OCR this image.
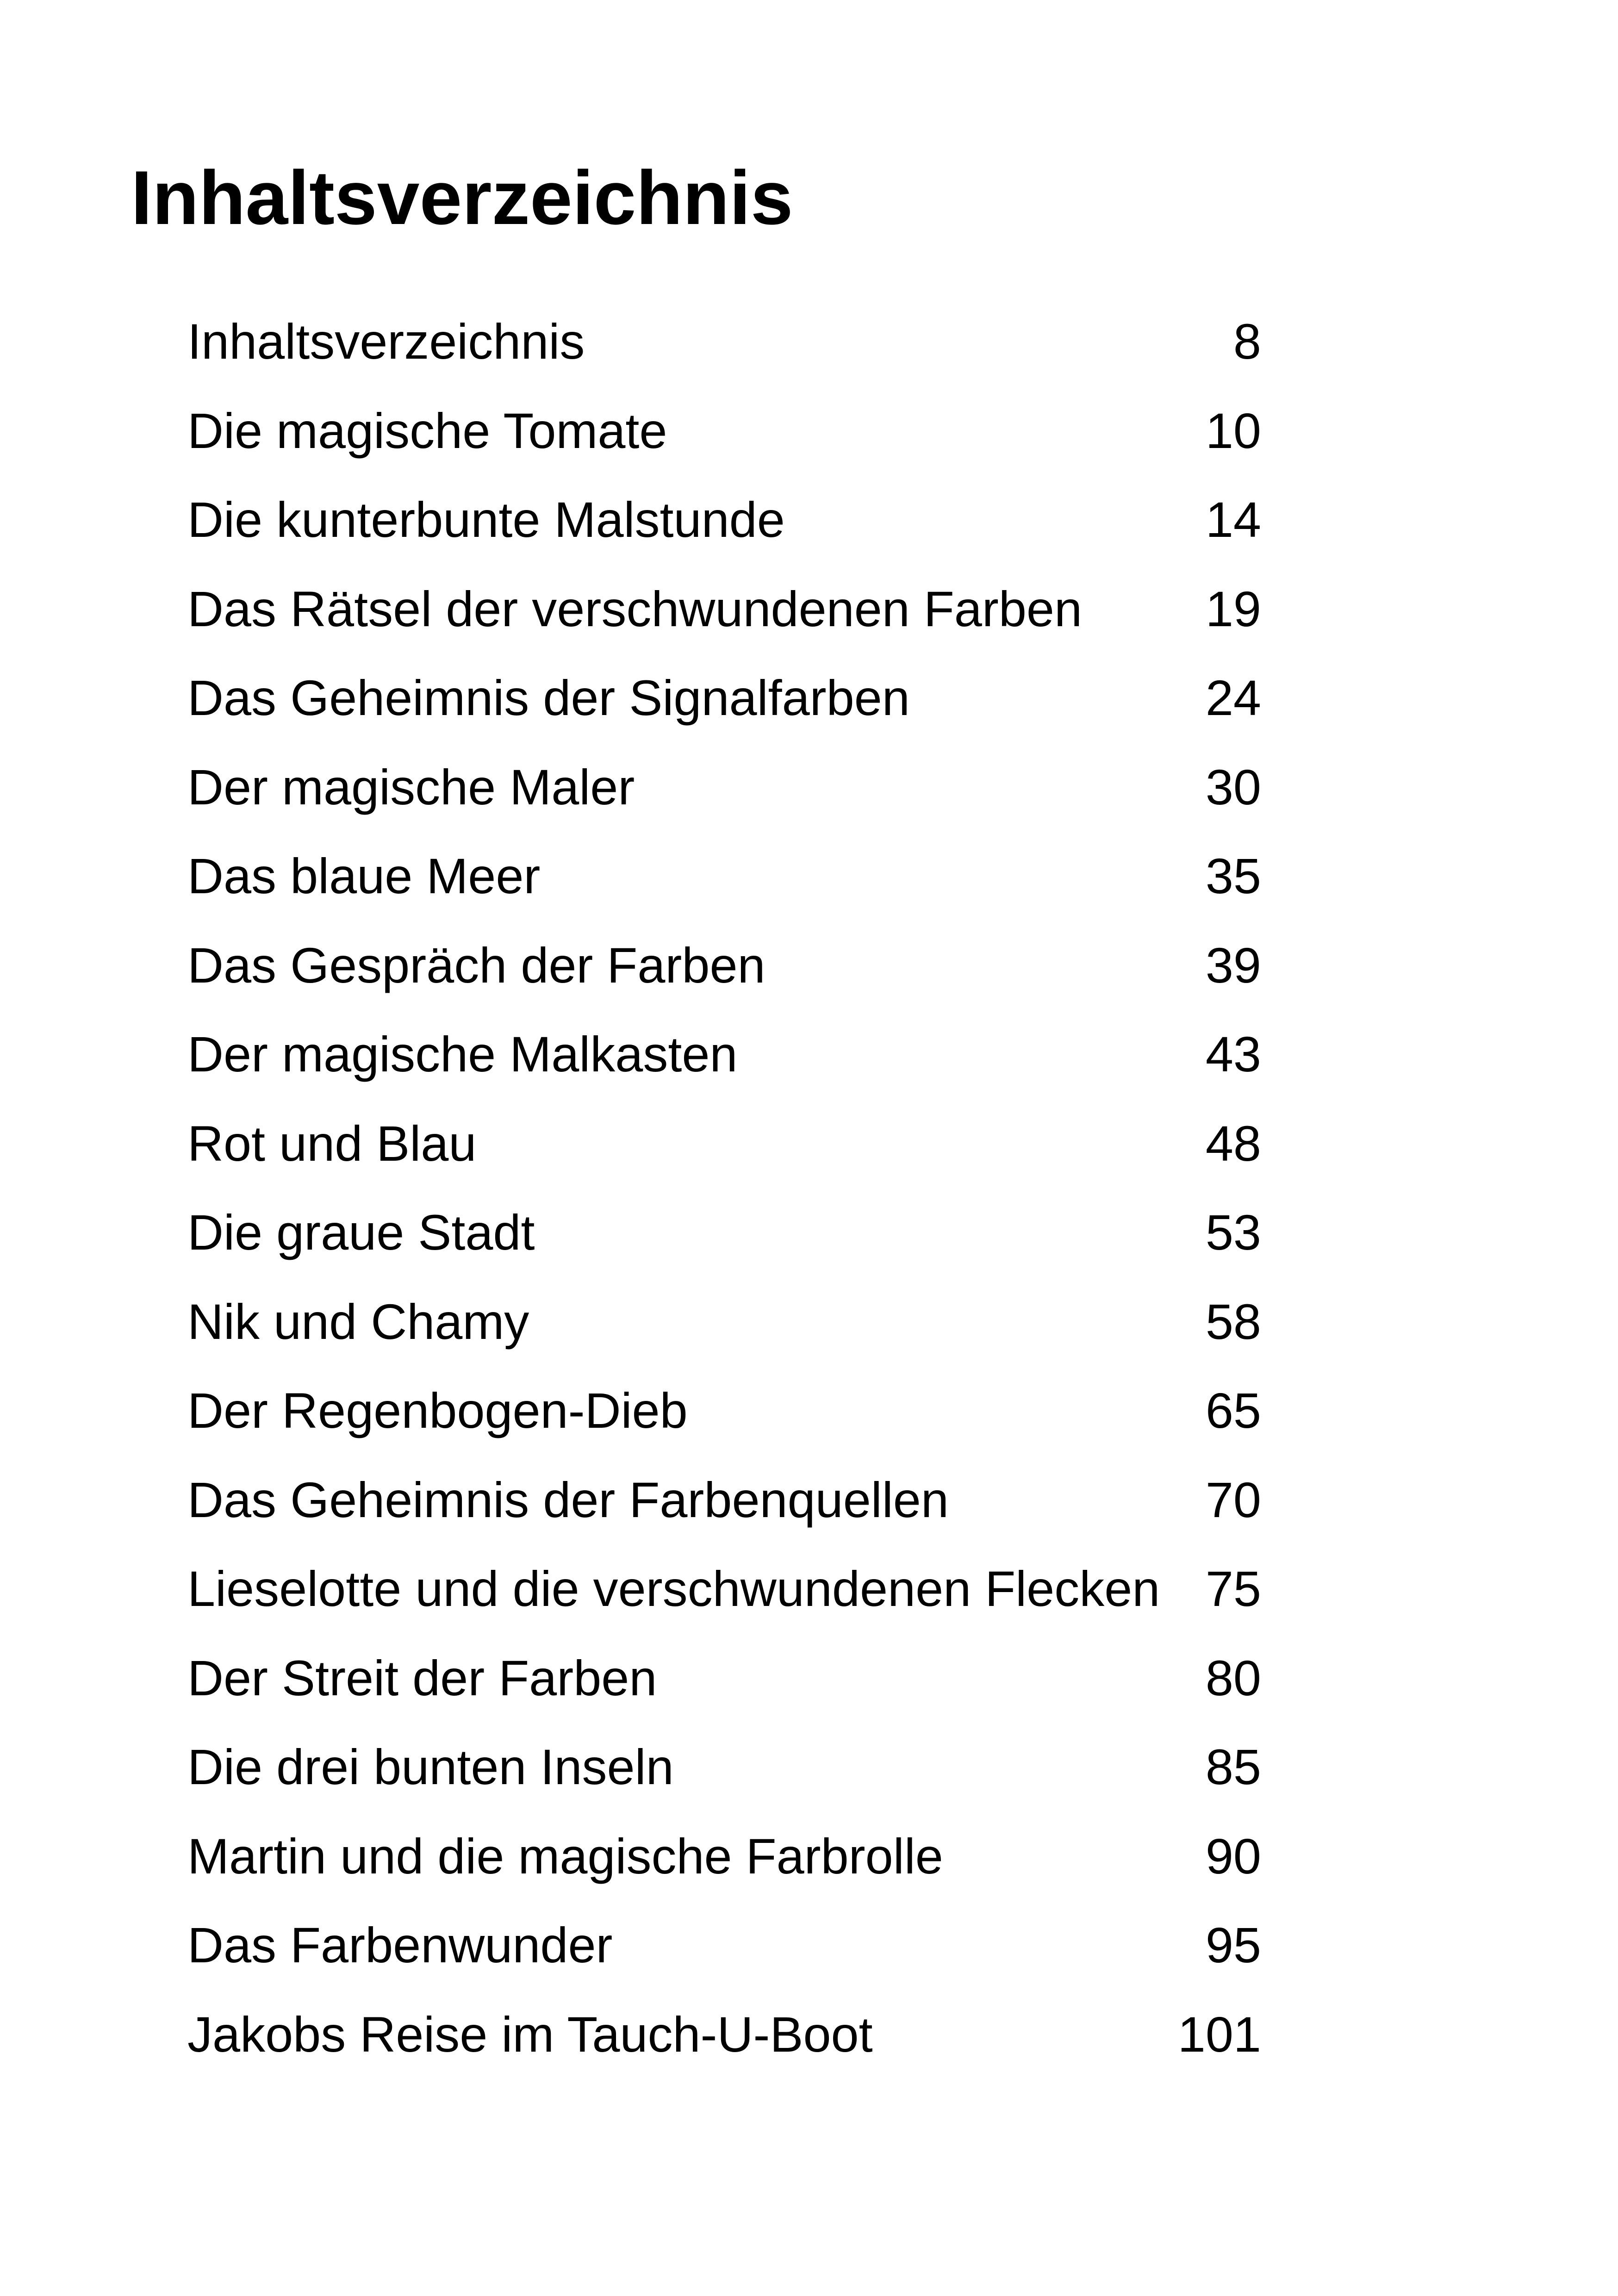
Inhaltsverzeichnis
Inhaltsverzeichnis	8
Die magische Tomate	10
Die kunterbunte Malstunde	14
Das Rätsel der verschwundenen Farben	19
Das Geheimnis der Signalfarben	24
Der magische Maler	30
Das blaue Meer	35
Das Gespräch der Farben	39
Der magische Malkasten	43
Rot und Blau	48
Die graue Stadt	53
Nik und Chamy	58
Der Regenbogen-Dieb	65
Das Geheimnis der Farbenquellen	70
Lieselotte und die verschwundenen Flecken 75
Der Streit der Farben	80
Die drei bunten Inseln	85
Martin und die magische Farbrolle	90
Das Farbenwunder	95
Jakobs Reise im Tauch-U-Boot	101
